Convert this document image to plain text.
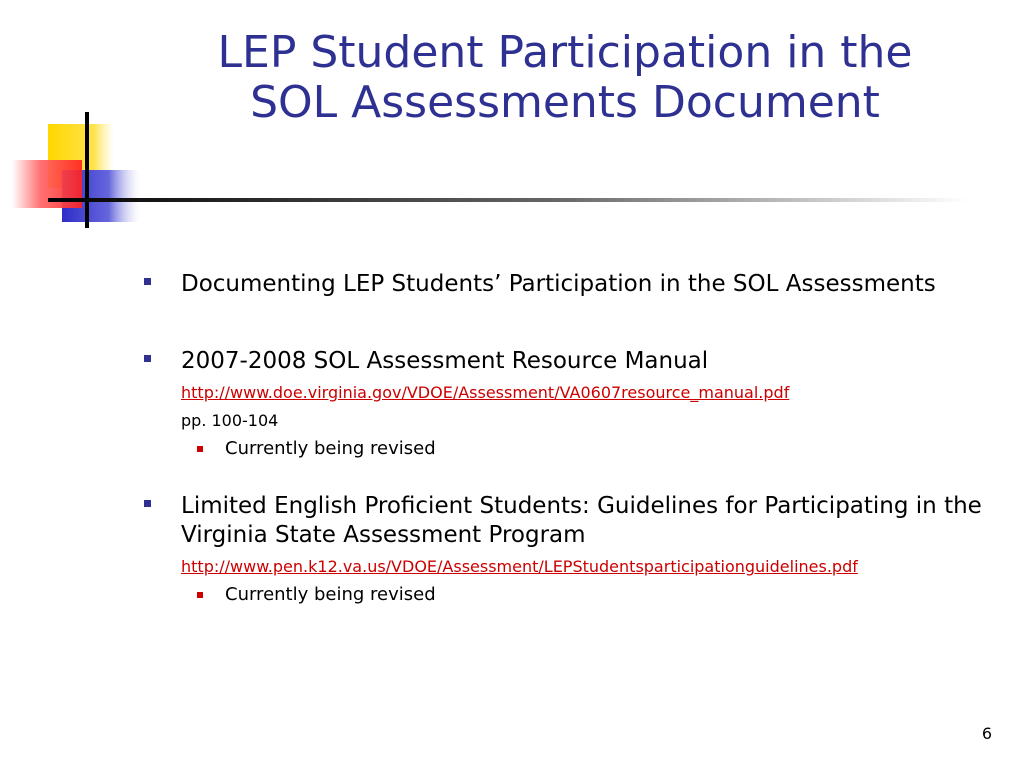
LEP Student Participation in the
SOL Assessments Document
Documenting LEP Students’ Participation in the SOL Assessments
2007-2008 SOL Assessment Resource Manual
http://www.doe.virginia.gov/VDOE/Assessment/VA0607resource_manual.pdf
pp. 100-104
Currently being revised
Limited English Proficient Students: Guidelines for Participating in the Virginia State Assessment Program
http://www.pen.k12.va.us/VDOE/Assessment/LEPStudentsparticipationguidelines.pdf
Currently being revised
6
